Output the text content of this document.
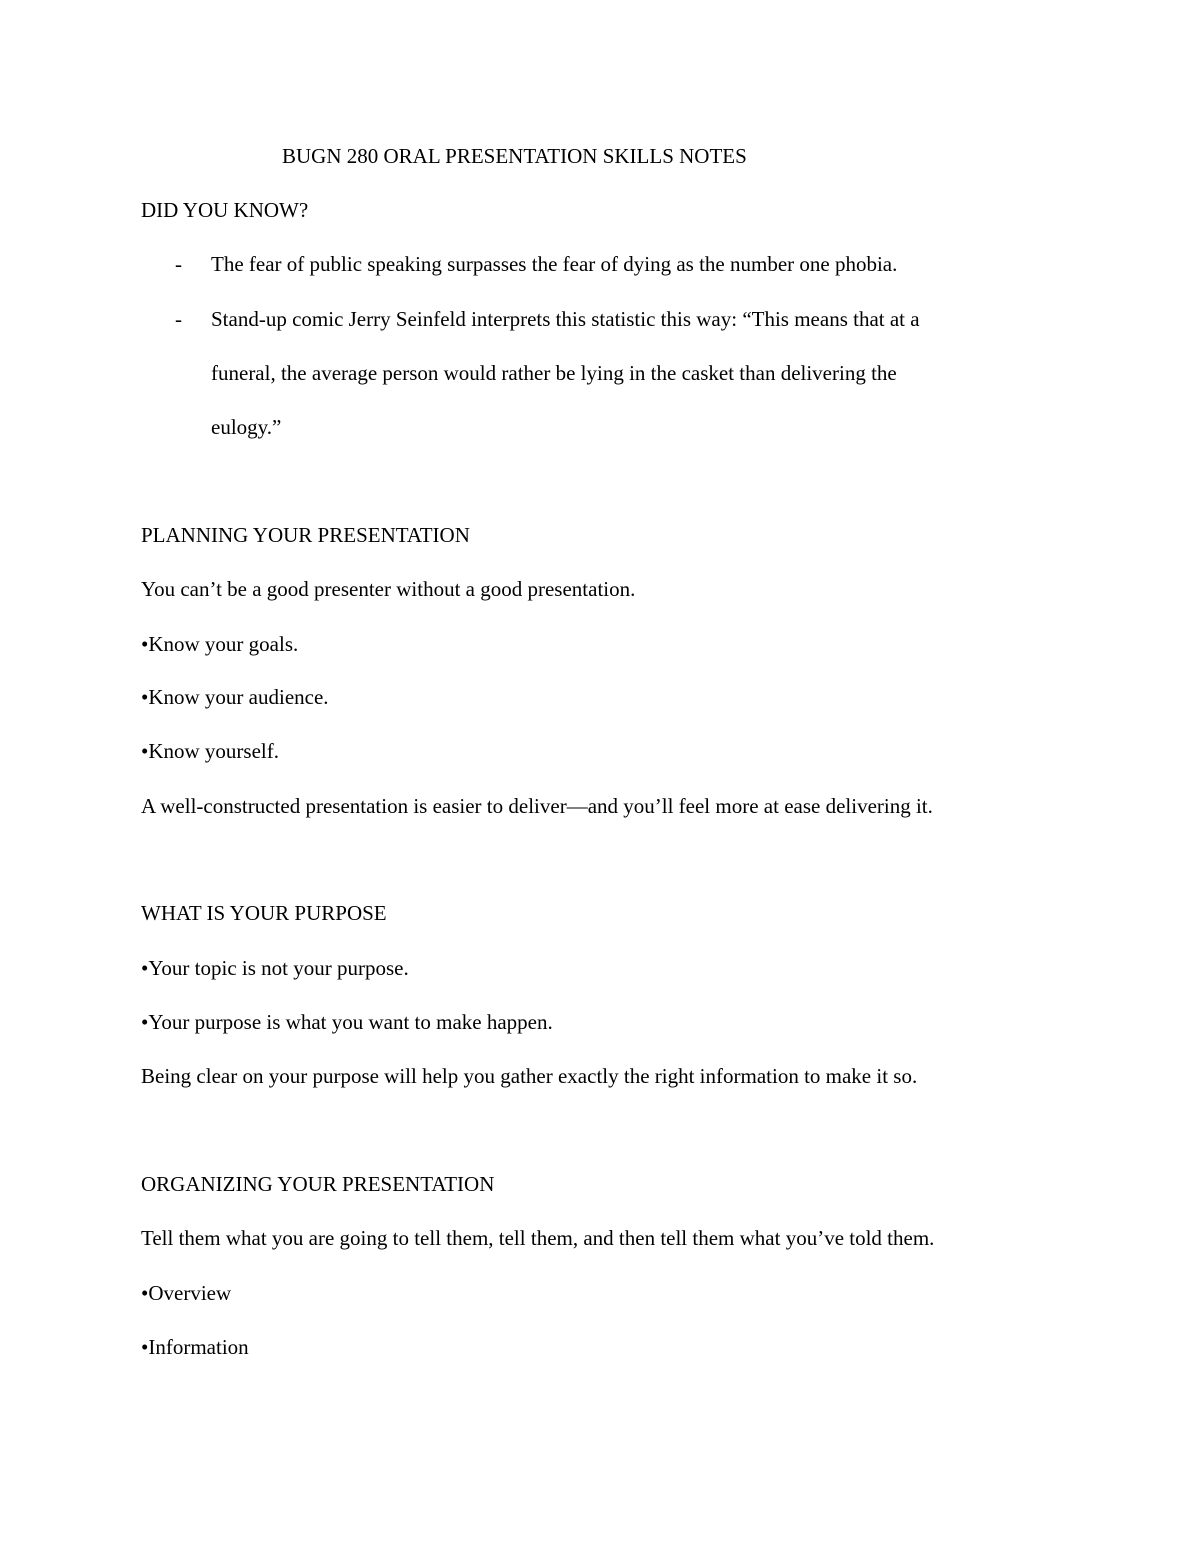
BUGN 280 ORAL PRESENTATION SKILLS NOTES
DID YOU KNOW?
- The fear of public speaking surpasses the fear of dying as the number one phobia.
- Stand-up comic Jerry Seinfeld interprets this statistic this way: “This means that at a
funeral, the average person would rather be lying in the casket than delivering the
eulogy.”
PLANNING YOUR PRESENTATION
You can’t be a good presenter without a good presentation.
•Know your goals.
•Know your audience.
•Know yourself.
A well-constructed presentation is easier to deliver—and you’ll feel more at ease delivering it.
WHAT IS YOUR PURPOSE
•Your topic is not your purpose.
•Your purpose is what you want to make happen.
Being clear on your purpose will help you gather exactly the right information to make it so.
ORGANIZING YOUR PRESENTATION
Tell them what you are going to tell them, tell them, and then tell them what you’ve told them.
•Overview
•Information
